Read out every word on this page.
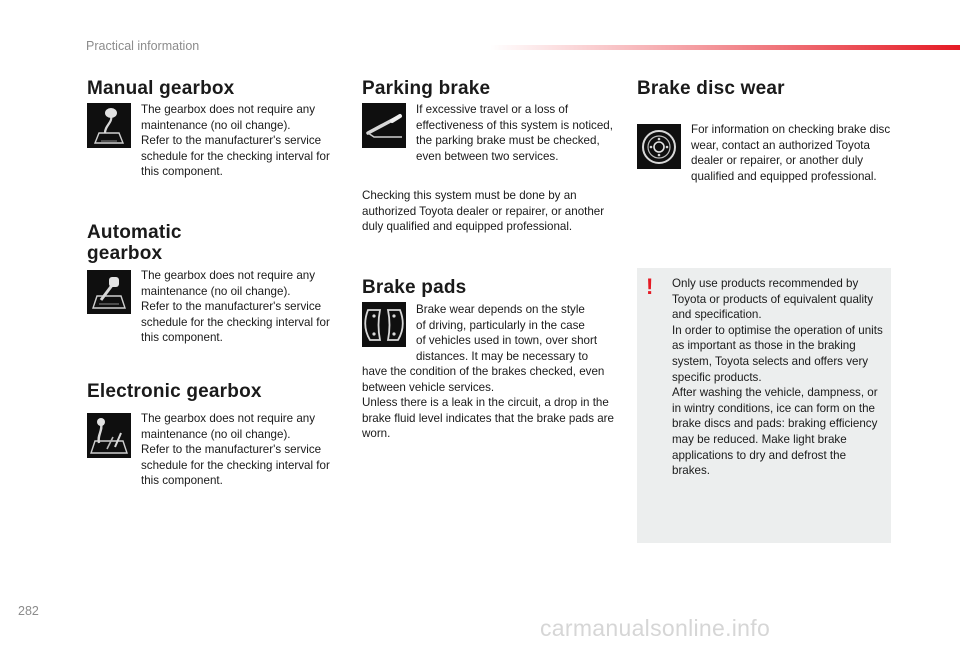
Practical information
Manual gearbox

The gearbox does not require any maintenance (no oil change).
Refer to the manufacturer's service schedule for the checking interval for this component.

Automatic
gearbox

The gearbox does not require any maintenance (no oil change).
Refer to the manufacturer's service schedule for the checking interval for this component.

Electronic gearbox

The gearbox does not require any maintenance (no oil change).
Refer to the manufacturer's service schedule for the checking interval for this component.

Parking brake

If excessive travel or a loss of effectiveness of this system is noticed, the parking brake must be checked, even between two services.

Checking this system must be done by an authorized Toyota dealer or repairer, or another duly qualified and equipped professional.

Brake pads

Brake wear depends on the style

of driving, particularly in the case

of vehicles used in town, over short

distances. It may be necessary to

have the condition of the brakes checked, even between vehicle services.
Unless there is a leak in the circuit, a drop in the brake fluid level indicates that the brake pads are worn.

Brake disc wear

For information on checking brake disc wear, contact an authorized Toyota dealer or repairer, or another duly qualified and equipped professional.

! Only use products recommended by Toyota or products of equivalent quality and specification.
In order to optimise the operation of units as important as those in the braking system, Toyota selects and offers very specific products.
After washing the vehicle, dampness, or in wintry conditions, ice can form on the brake discs and pads: braking efficiency may be reduced. Make light brake applications to dry and defrost the brakes.

282
carmanualsonline.info
